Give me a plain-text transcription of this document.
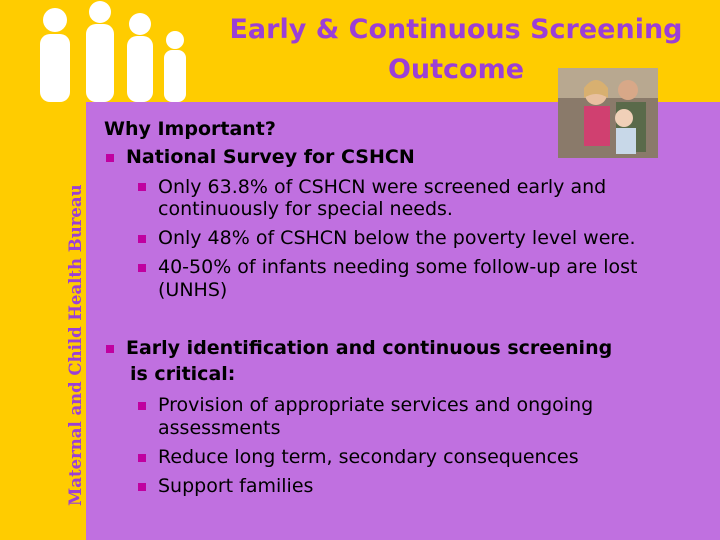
Early & Continuous Screening
Outcome
Maternal and Child Health Bureau
Why Important?
National Survey for CSHCN
Only 63.8% of CSHCN were screened early and
continuously for special needs.
Only 48% of CSHCN below the poverty level were.
40-50% of infants needing some follow-up are lost
(UNHS)
Early identification and continuous screening
is critical:
Provision of appropriate services and ongoing
assessments
Reduce long term, secondary consequences
Support families
